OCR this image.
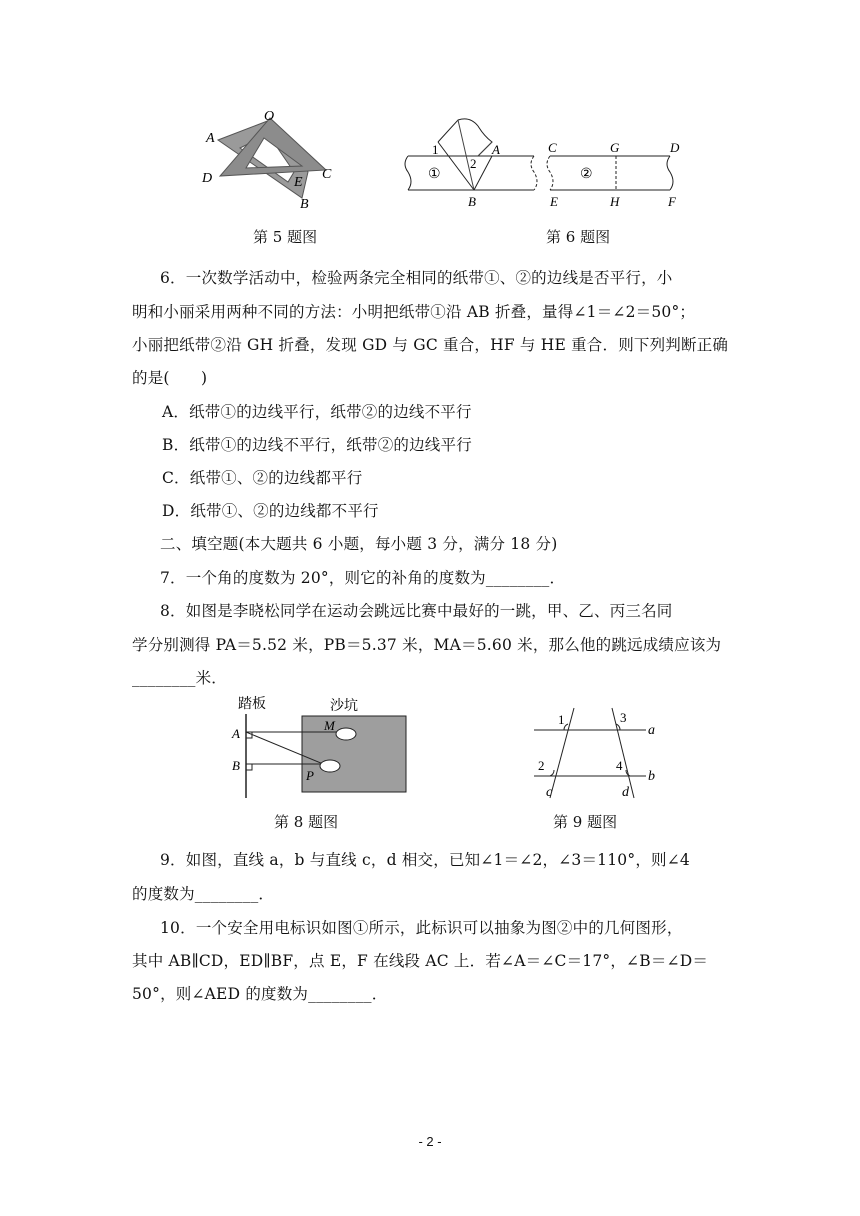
O
A
D	E
C
B
第 5 题图
1
2
A
B
①
C	G	D
②
E	H	F
第 6 题图
6．一次数学活动中，检验两条完全相同的纸带①、②的边线是否平行，小
明和小丽采用两种不同的方法：小明把纸带①沿 AB 折叠，量得∠1＝∠2＝50°；
小丽把纸带②沿 GH 折叠，发现 GD 与 GC 重合，HF 与 HE 重合．则下列判断正确
的是(　　)
A．纸带①的边线平行，纸带②的边线不平行
B．纸带①的边线不平行，纸带②的边线平行
C．纸带①、②的边线都平行
D．纸带①、②的边线都不平行
二、填空题(本大题共 6 小题，每小题 3 分，满分 18 分)
7．一个角的度数为 20°，则它的补角的度数为________．
8．如图是李晓松同学在运动会跳远比赛中最好的一跳，甲、乙、丙三名同
学分别测得 PA＝5.52 米，PB＝5.37 米，MA＝5.60 米，那么他的跳远成绩应该为
________米．
踏板	沙坑
A
B
M
P
第 8 题图
1	3
a
2	4
b
c	d
第 9 题图
9．如图，直线 a，b 与直线 c，d 相交，已知∠1＝∠2，∠3＝110°，则∠4
的度数为________．
10．一个安全用电标识如图①所示，此标识可以抽象为图②中的几何图形，
其中 AB∥CD，ED∥BF，点 E，F 在线段 AC 上．若∠A＝∠C＝17°，∠B＝∠D＝
50°，则∠AED 的度数为________．
- 2 -
